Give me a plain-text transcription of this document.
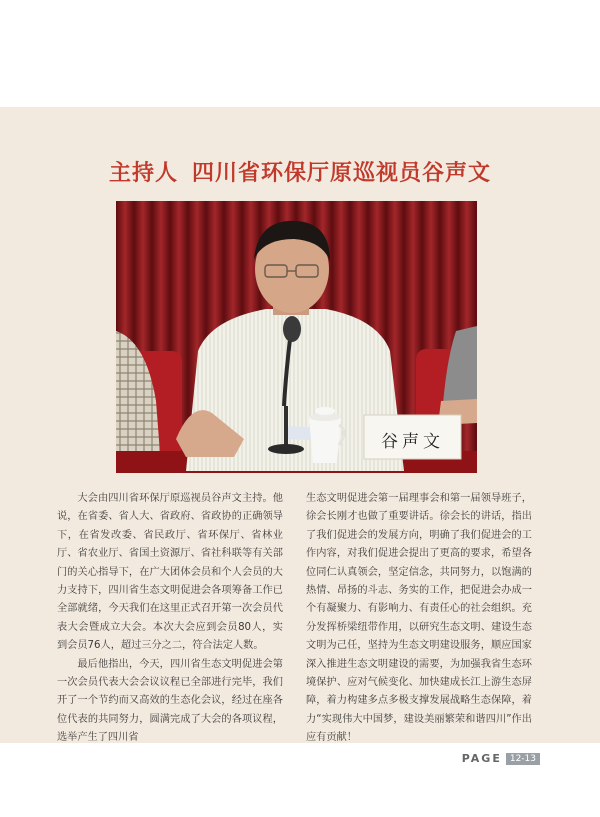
主持人 四川省环保厅原巡视员谷声文
谷声文

大会由四川省环保厅原巡视员谷声文主持。他说，在省委、省人大、省政府、省政协的正确领导下，在省发改委、省民政厅、省环保厅、省林业厅、省农业厅、省国土资源厅、省社科联等有关部门的关心指导下，在广大团体会员和个人会员的大力支持下，四川省生态文明促进会各项筹备工作已全部就绪，今天我们在这里正式召开第一次会员代表大会暨成立大会。本次大会应到会员80人，实到会员76人，超过三分之二，符合法定人数。

最后他指出，今天，四川省生态文明促进会第一次会员代表大会会议议程已全部进行完毕，我们开了一个节约而又高效的生态化会议，经过在座各位代表的共同努力，圆满完成了大会的各项议程，选举产生了四川省

生态文明促进会第一届理事会和第一届领导班子，徐会长刚才也做了重要讲话。徐会长的讲话，指出了我们促进会的发展方向，明确了我们促进会的工作内容，对我们促进会提出了更高的要求，希望各位同仁认真领会，坚定信念，共同努力，以饱满的热情、昂扬的斗志、务实的工作，把促进会办成一个有凝聚力、有影响力、有责任心的社会组织。充分发挥桥梁纽带作用，以研究生态文明、建设生态文明为己任，坚持为生态文明建设服务，顺应国家深入推进生态文明建设的需要，为加强我省生态环境保护、应对气候变化、加快建成长江上游生态屏障，着力构建多点多极支撑发展战略生态保障，着力“实现伟大中国梦，建设美丽繁荣和谐四川”作出应有贡献！

PAGE 12-13
